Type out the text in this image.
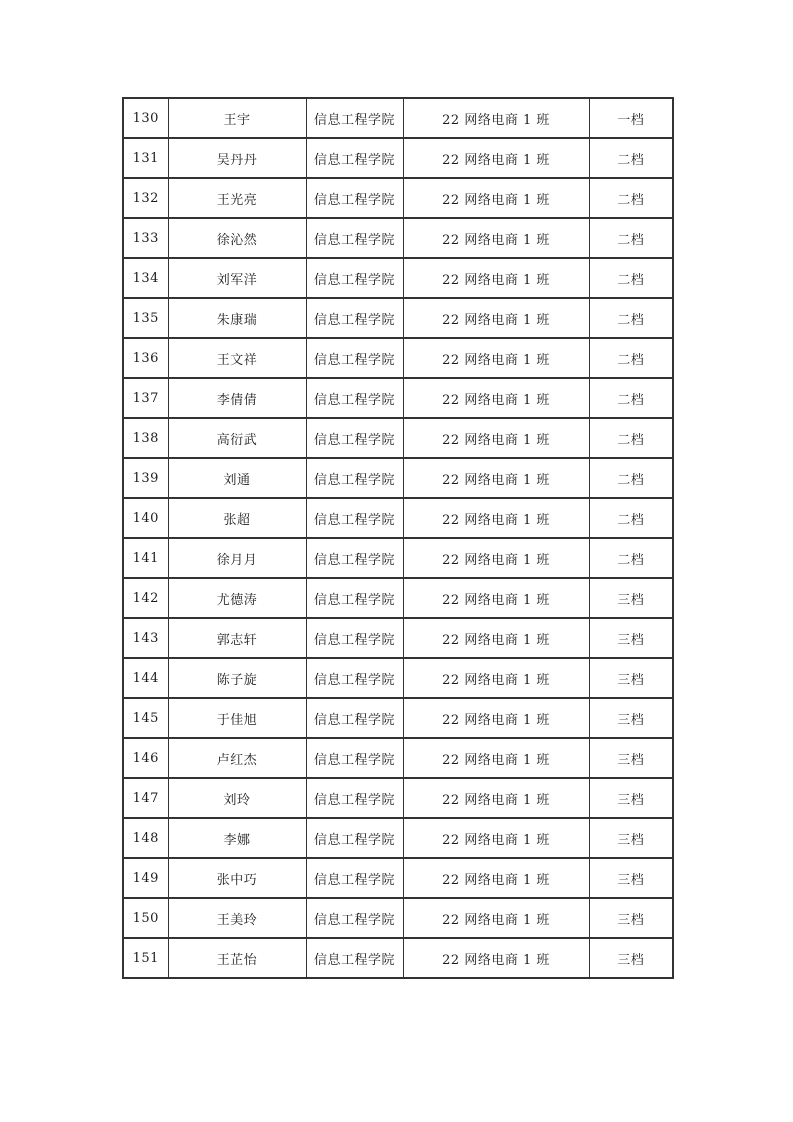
130	王宇	信息工程学院	22 网络电商 1 班	一档
131	吴丹丹	信息工程学院	22 网络电商 1 班	二档
132	王光亮	信息工程学院	22 网络电商 1 班	二档
133	徐沁然	信息工程学院	22 网络电商 1 班	二档
134	刘军洋	信息工程学院	22 网络电商 1 班	二档
135	朱康瑞	信息工程学院	22 网络电商 1 班	二档
136	王文祥	信息工程学院	22 网络电商 1 班	二档
137	李倩倩	信息工程学院	22 网络电商 1 班	二档
138	高衍武	信息工程学院	22 网络电商 1 班	二档
139	刘通	信息工程学院	22 网络电商 1 班	二档
140	张超	信息工程学院	22 网络电商 1 班	二档
141	徐月月	信息工程学院	22 网络电商 1 班	二档
142	尤德涛	信息工程学院	22 网络电商 1 班	三档
143	郭志轩	信息工程学院	22 网络电商 1 班	三档
144	陈子旋	信息工程学院	22 网络电商 1 班	三档
145	于佳旭	信息工程学院	22 网络电商 1 班	三档
146	卢红杰	信息工程学院	22 网络电商 1 班	三档
147	刘玲	信息工程学院	22 网络电商 1 班	三档
148	李娜	信息工程学院	22 网络电商 1 班	三档
149	张中巧	信息工程学院	22 网络电商 1 班	三档
150	王美玲	信息工程学院	22 网络电商 1 班	三档
151	王芷怡	信息工程学院	22 网络电商 1 班	三档
